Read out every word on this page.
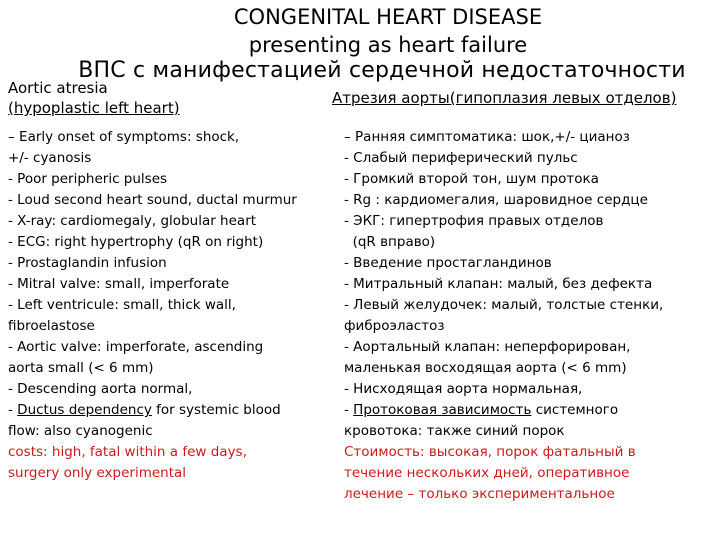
CONGENITAL HEART DISEASE
presenting as heart failure
ВПС с манифестацией сердечной недостаточности
Aortic atresia
(hypoplastic left heart)
Атрезия аорты(гипоплазия левых отделов)
– Early onset of symptoms: shock,
+/- cyanosis
- Poor peripheric pulses
- Loud second heart sound, ductal murmur
- X-ray: cardiomegaly, globular heart
- ECG: right hypertrophy (qR on right)
- Prostaglandin infusion
- Mitral valve: small, imperforate
- Left ventricule: small, thick wall,
fibroelastose
- Aortic valve: imperforate, ascending
aorta small (< 6 mm)
- Descending aorta normal,
- Ductus dependency for systemic blood
flow: also cyanogenic
costs: high, fatal within a few days,
surgery only experimental
– Ранняя симптоматика: шок,+/- цианоз
- Слабый периферический пульс
- Громкий второй тон, шум протока
- Rg : кардиомегалия, шаровидное сердце
- ЭКГ: гипертрофия правых отделов
(qR вправо)
- Введение простагландинов
- Митральный клапан: малый, без дефекта
- Левый желудочек: малый, толстые стенки,
фиброэластоз
- Аортальный клапан: неперфорирован,
маленькая восходящая аорта (< 6 mm)
- Нисходящая аорта нормальная,
- Протоковая зависимость системного
кровотока: также синий порок
Стоимость: высокая, порок фатальный в
течение нескольких дней, оперативное
лечение – только экспериментальное
